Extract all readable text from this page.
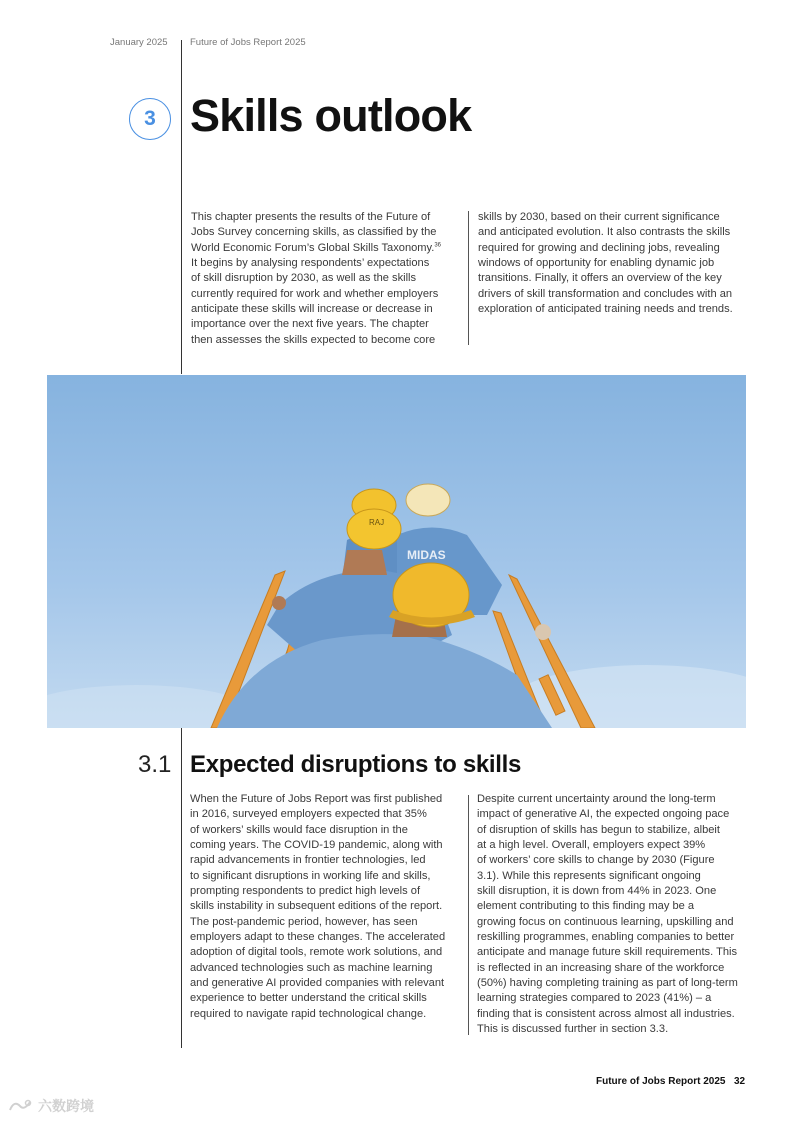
January 2025 Future of Jobs Report 2025
3 Skills outlook

This chapter presents the results of the Future of

Jobs Survey concerning skills, as classified by the

World Economic Forum’s Global Skills Taxonomy.$^{36}$

It begins by analysing respondents’ expectations

of skill disruption by 2030, as well as the skills

currently required for work and whether employers

anticipate these skills will increase or decrease in

importance over the next five years. The chapter

then assesses the skills expected to become core

skills by 2030, based on their current significance

and anticipated evolution. It also contrasts the skills

required for growing and declining jobs, revealing

windows of opportunity for enabling dynamic job

transitions. Finally, it offers an overview of the key

drivers of skill transformation and concludes with an

exploration of anticipated training needs and trends.

RAJ
MIDAS
3.1 Expected disruptions to skills

When the Future of Jobs Report was first published

in 2016, surveyed employers expected that 35%

of workers’ skills would face disruption in the

coming years. The COVID-19 pandemic, along with

rapid advancements in frontier technologies, led

to significant disruptions in working life and skills,

prompting respondents to predict high levels of

skills instability in subsequent editions of the report.

The post-pandemic period, however, has seen

employers adapt to these changes. The accelerated

adoption of digital tools, remote work solutions, and

advanced technologies such as machine learning

and generative AI provided companies with relevant

experience to better understand the critical skills

required to navigate rapid technological change.

Despite current uncertainty around the long-term

impact of generative AI, the expected ongoing pace

of disruption of skills has begun to stabilize, albeit

at a high level. Overall, employers expect 39%

of workers’ core skills to change by 2030 (Figure

3.1). While this represents significant ongoing

skill disruption, it is down from 44% in 2023. One

element contributing to this finding may be a

growing focus on continuous learning, upskilling and

reskilling programmes, enabling companies to better

anticipate and manage future skill requirements. This

is reflected in an increasing share of the workforce

(50%) having completing training as part of long-term

learning strategies compared to 2023 (41%) – a

finding that is consistent across almost all industries.

This is discussed further in section 3.3.

Future of Jobs Report 2025 32
六数跨境
